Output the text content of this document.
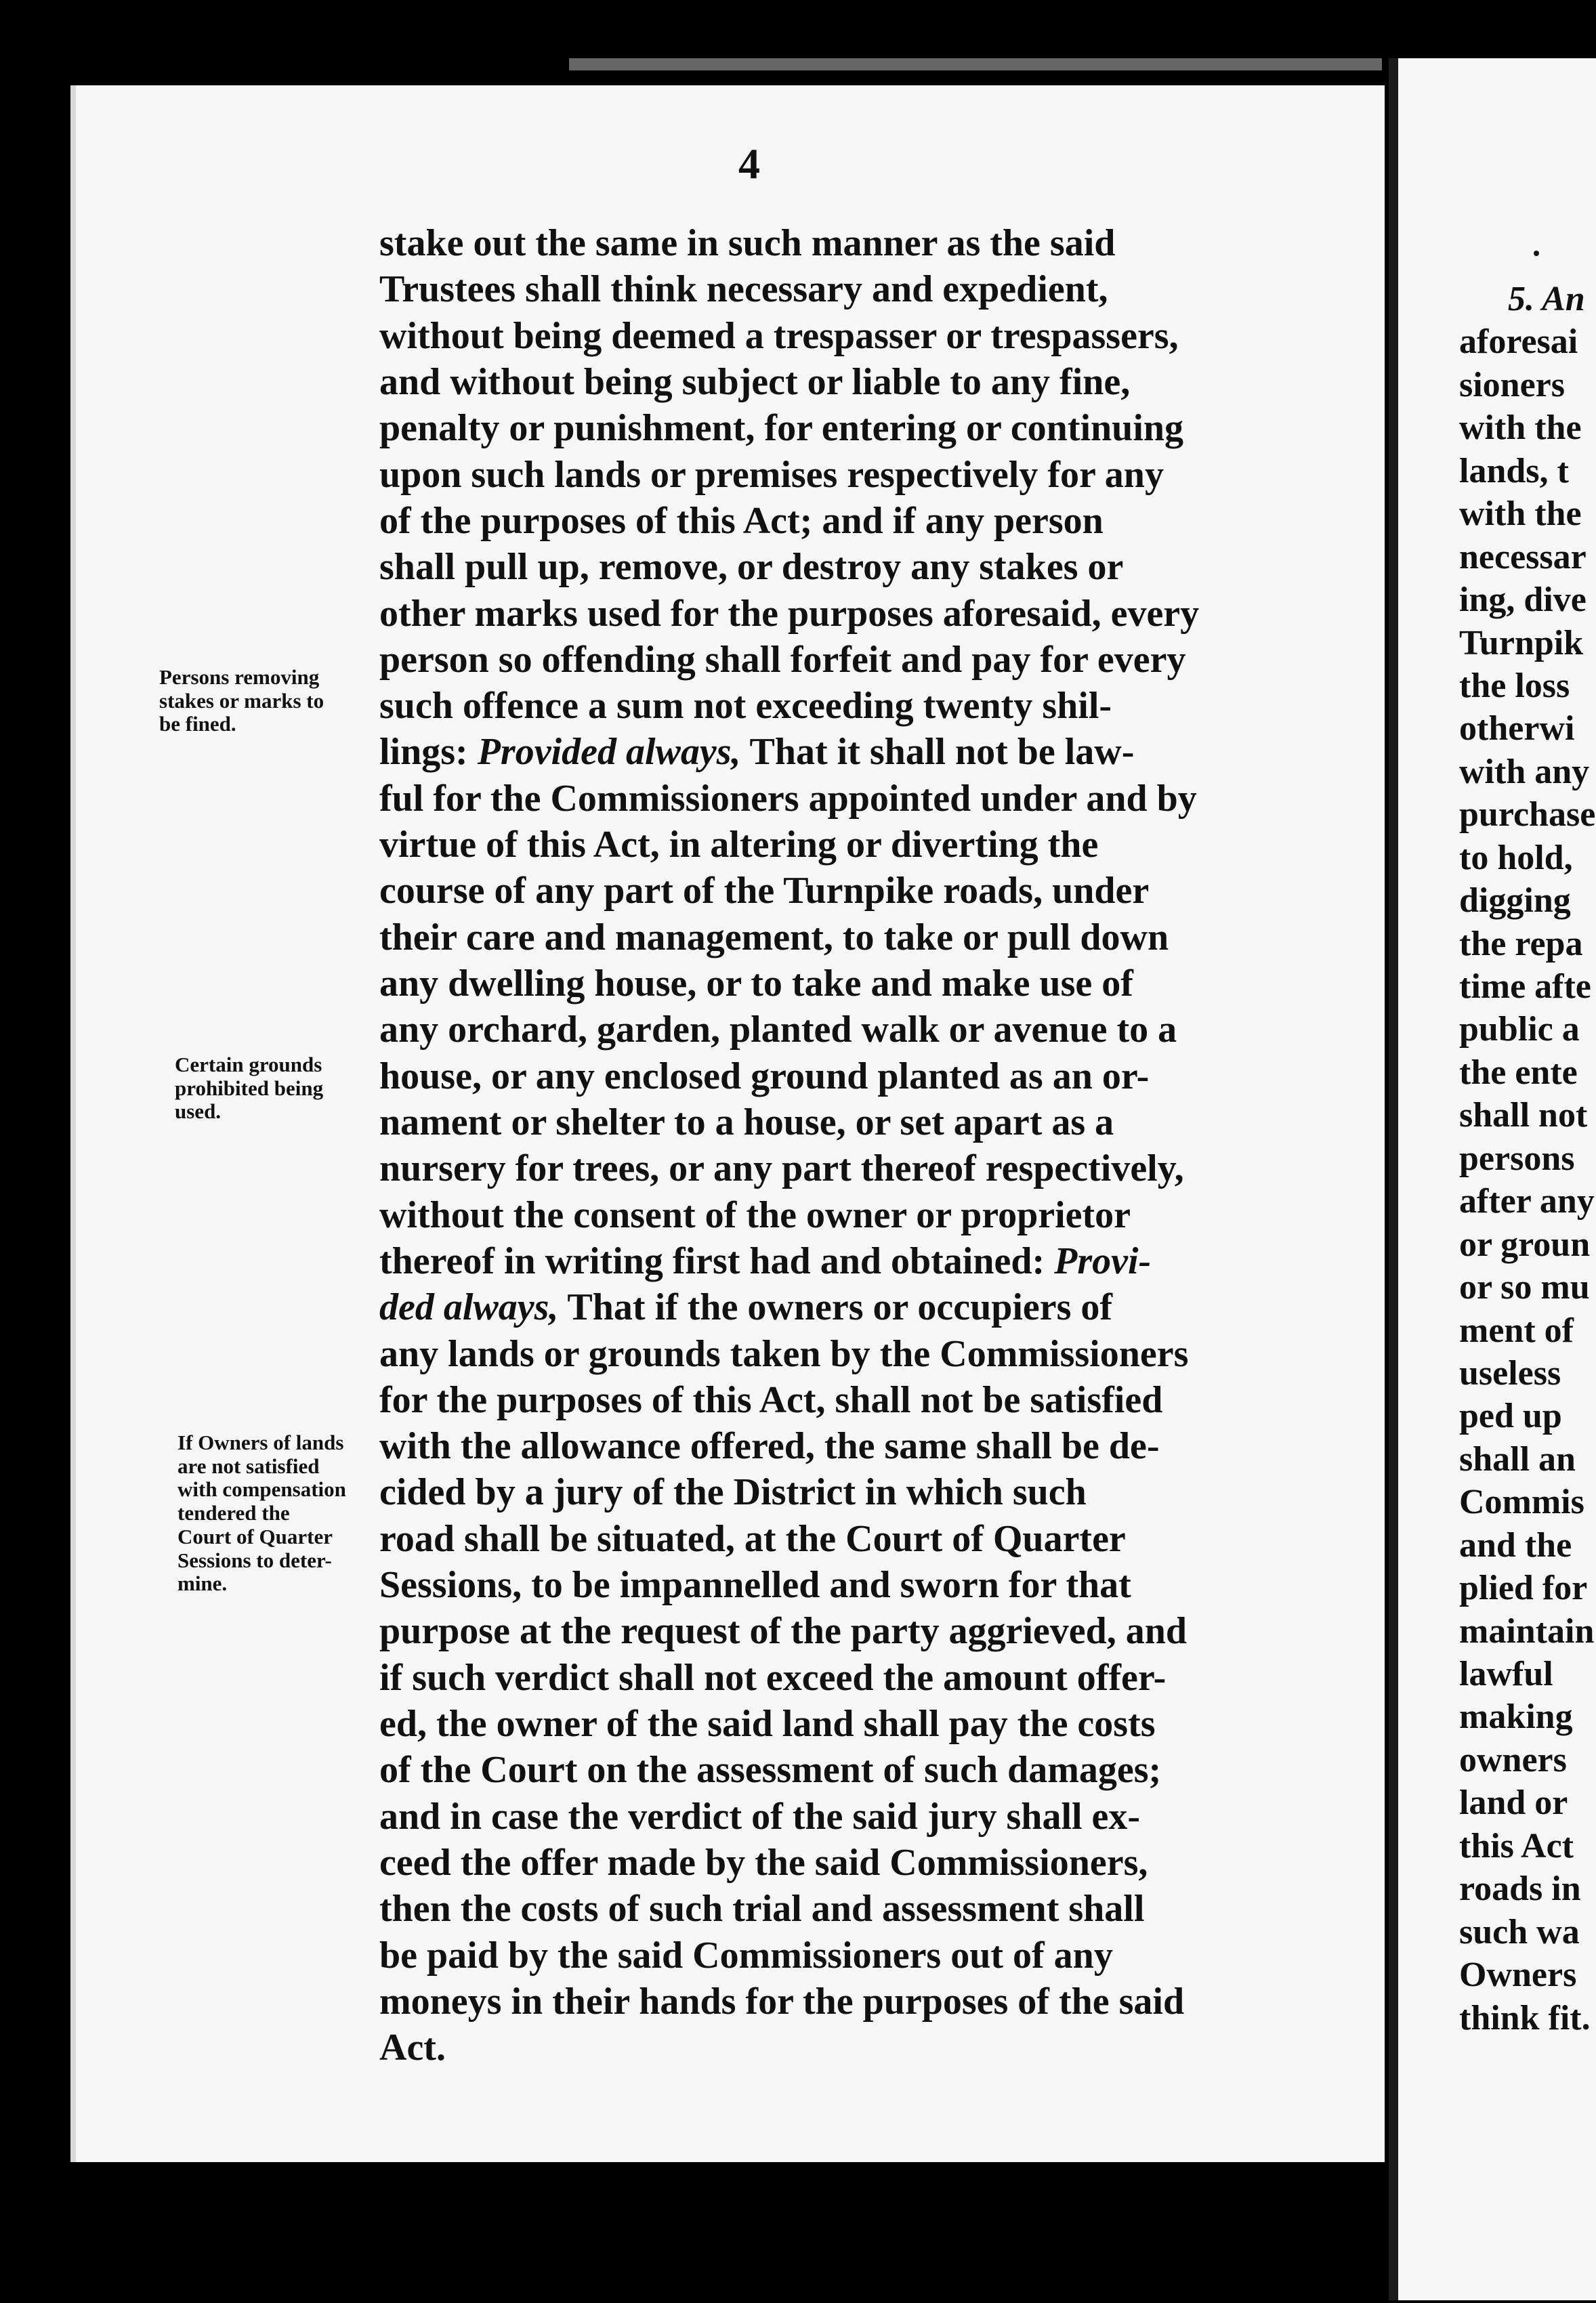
4
Persons removing
stakes or marks to
be fined.
Certain grounds
prohibited being
used.
If Owners of lands
are not satisfied
with compensation
tendered the
Court of Quarter
Sessions to deter-
mine.
stake out the same in such manner as the said
Trustees shall think necessary and expedient,
without being deemed a trespasser or trespassers,
and without being subject or liable to any fine,
penalty or punishment, for entering or continuing
upon such lands or premises respectively for any
of the purposes of this Act; and if any person
shall pull up, remove, or destroy any stakes or
other marks used for the purposes aforesaid, every
person so offending shall forfeit and pay for every
such offence a sum not exceeding twenty shil-
lings: Provided always, That it shall not be law-
ful for the Commissioners appointed under and by
virtue of this Act, in altering or diverting the
course of any part of the Turnpike roads, under
their care and management, to take or pull down
any dwelling house, or to take and make use of
any orchard, garden, planted walk or avenue to a
house, or any enclosed ground planted as an or-
nament or shelter to a house, or set apart as a
nursery for trees, or any part thereof respectively,
without the consent of the owner or proprietor
thereof in writing first had and obtained: Provi-
ded always, That if the owners or occupiers of
any lands or grounds taken by the Commissioners
for the purposes of this Act, shall not be satisfied
with the allowance offered, the same shall be de-
cided by a jury of the District in which such
road shall be situated, at the Court of Quarter
Sessions, to be impannelled and sworn for that
purpose at the request of the party aggrieved, and
if such verdict shall not exceed the amount offer-
ed, the owner of the said land shall pay the costs
of the Court on the assessment of such damages;
and in case the verdict of the said jury shall ex-
ceed the offer made by the said Commissioners,
then the costs of such trial and assessment shall
be paid by the said Commissioners out of any
moneys in their hands for the purposes of the said
Act.
5. An
aforesai
sioners
with the
lands, t
with the
necessar
ing, dive
Turnpik
the loss
otherwi
with any
purchase
to hold,
digging
the repa
time afte
public a
the ente
shall not
persons
after any
or groun
or so mu
ment of
useless
ped up
shall an
Commis
and the
plied for
maintain
lawful
making
owners
land or
this Act
roads in
such wa
Owners
think fit.
